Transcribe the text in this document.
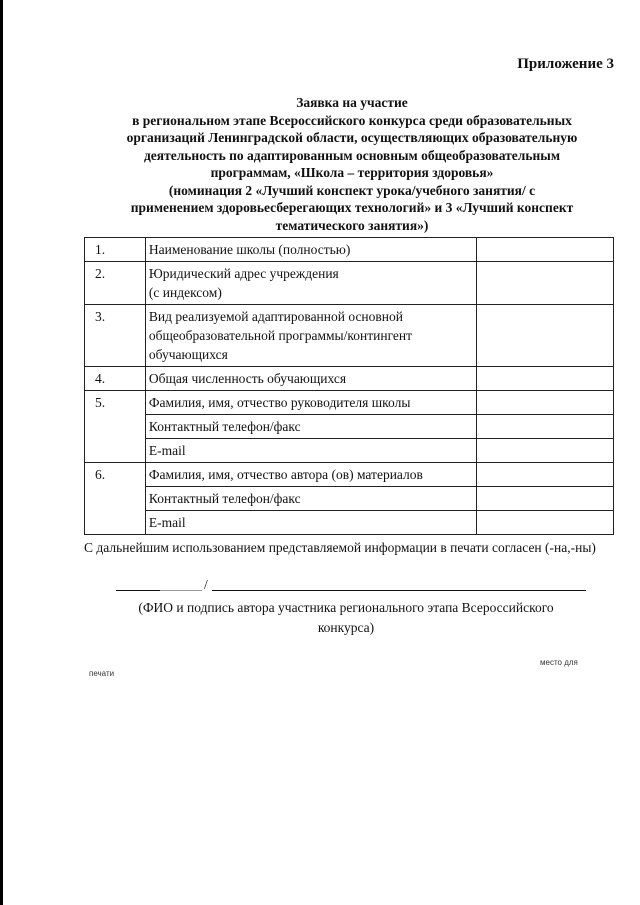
Приложение 3
Заявка на участие
в региональном этапе Всероссийского конкурса среди образовательных
организаций Ленинградской области, осуществляющих образовательную
деятельность по адаптированным основным общеобразовательным
программам, «Школа – территория здоровья»
(номинация 2 «Лучший конспект урока/учебного занятия/ с
применением здоровьесберегающих технологий» и 3 «Лучший конспект
тематического занятия»)
1.	Наименование школы (полностью)	

2.	Юридический адрес учреждения
(с индексом)	

3.	Вид реализуемой адаптированной основной
общеобразовательной программы/контингент
обучающихся	

4.	Общая численность обучающихся	

5.	Фамилия, имя, отчество руководителя школы	

	Контактный телефон/факс	

	E-mail	

6.	Фамилия, имя, отчество автора (ов) материалов	

	Контактный телефон/факс	

	E-mail	

С дальнейшим использованием представляемой информации в печати согласен (-на,-ны)
/
(ФИО и подпись автора участника регионального этапа Всероссийского
конкурса)
место для
печати
